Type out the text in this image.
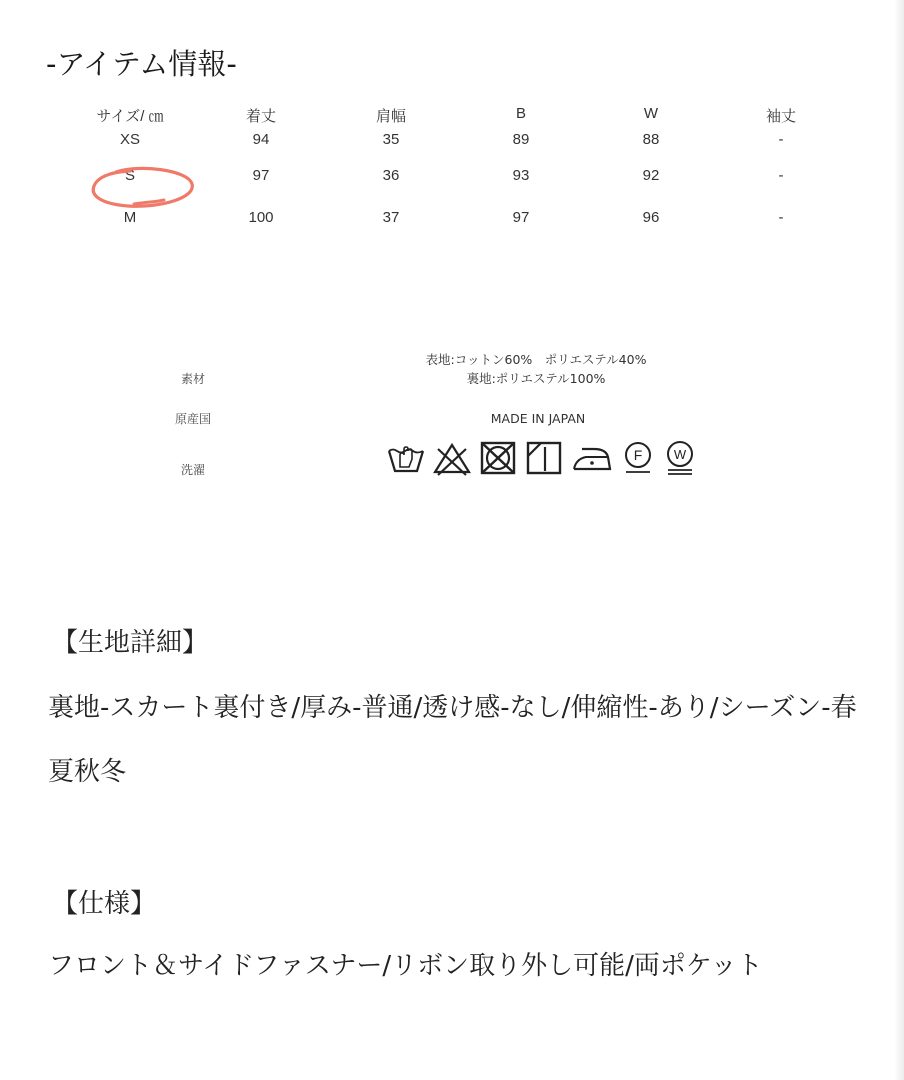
-アイテム情報-
サイズ/ ㎝	着丈	肩幅	B	W	袖丈
XS	94	35	89	88	-
S	97	36	93	92	-
M	100	37	97	96	-
素材
表地:コットン60%　ポリエステル40%
裏地:ポリエステル100%
原産国	MADE IN JAPAN
洗濯
F W
【生地詳細】
裏地-スカート裏付き/厚み-普通/透け感-なし/伸縮性-あり/シーズン-春夏秋冬
【仕様】
フロント＆サイドファスナー/リボン取り外し可能/両ポケット
